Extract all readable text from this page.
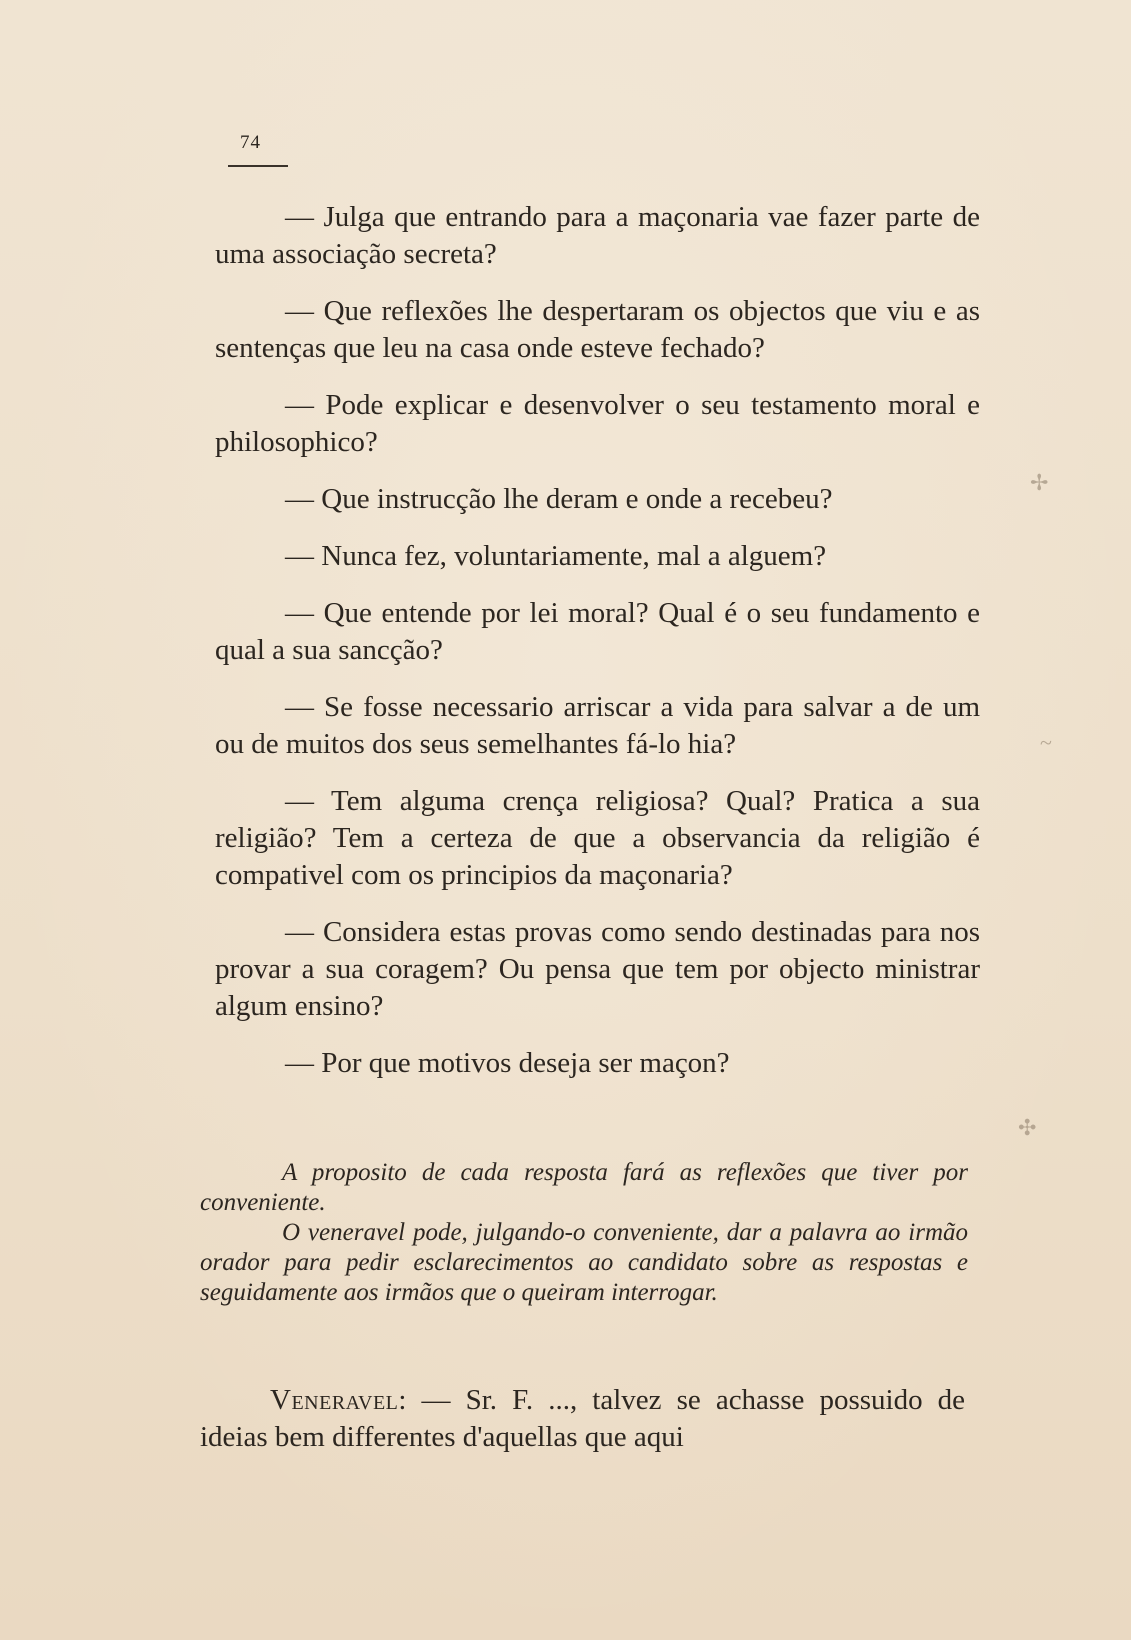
74

— Julga que entrando para a maçonaria vae fazer parte de uma associação secreta?

— Que reflexões lhe despertaram os objectos que viu e as sentenças que leu na casa onde esteve fechado?

— Pode explicar e desenvolver o seu testamento moral e philosophico?

— Que instrucção lhe deram e onde a recebeu?

— Nunca fez, voluntariamente, mal a alguem?

— Que entende por lei moral? Qual é o seu fundamento e qual a sua sancção?

— Se fosse necessario arriscar a vida para salvar a de um ou de muitos dos seus semelhantes fá-lo hia?

— Tem alguma crença religiosa? Qual? Pratica a sua religião? Tem a certeza de que a observancia da religião é compativel com os principios da maçonaria?

— Considera estas provas como sendo destinadas para nos provar a sua coragem? Ou pensa que tem por objecto ministrar algum ensino?

— Por que motivos deseja ser maçon?

A proposito de cada resposta fará as reflexões que tiver por conveniente.

O veneravel pode, julgando-o conveniente, dar a palavra ao irmão orador para pedir esclarecimentos ao candidato sobre as respostas e seguidamente aos irmãos que o queiram interrogar.

Veneravel: — Sr. F. ..., talvez se achasse possuido de ideias bem differentes d'aquellas que aqui

✢
~
✣
